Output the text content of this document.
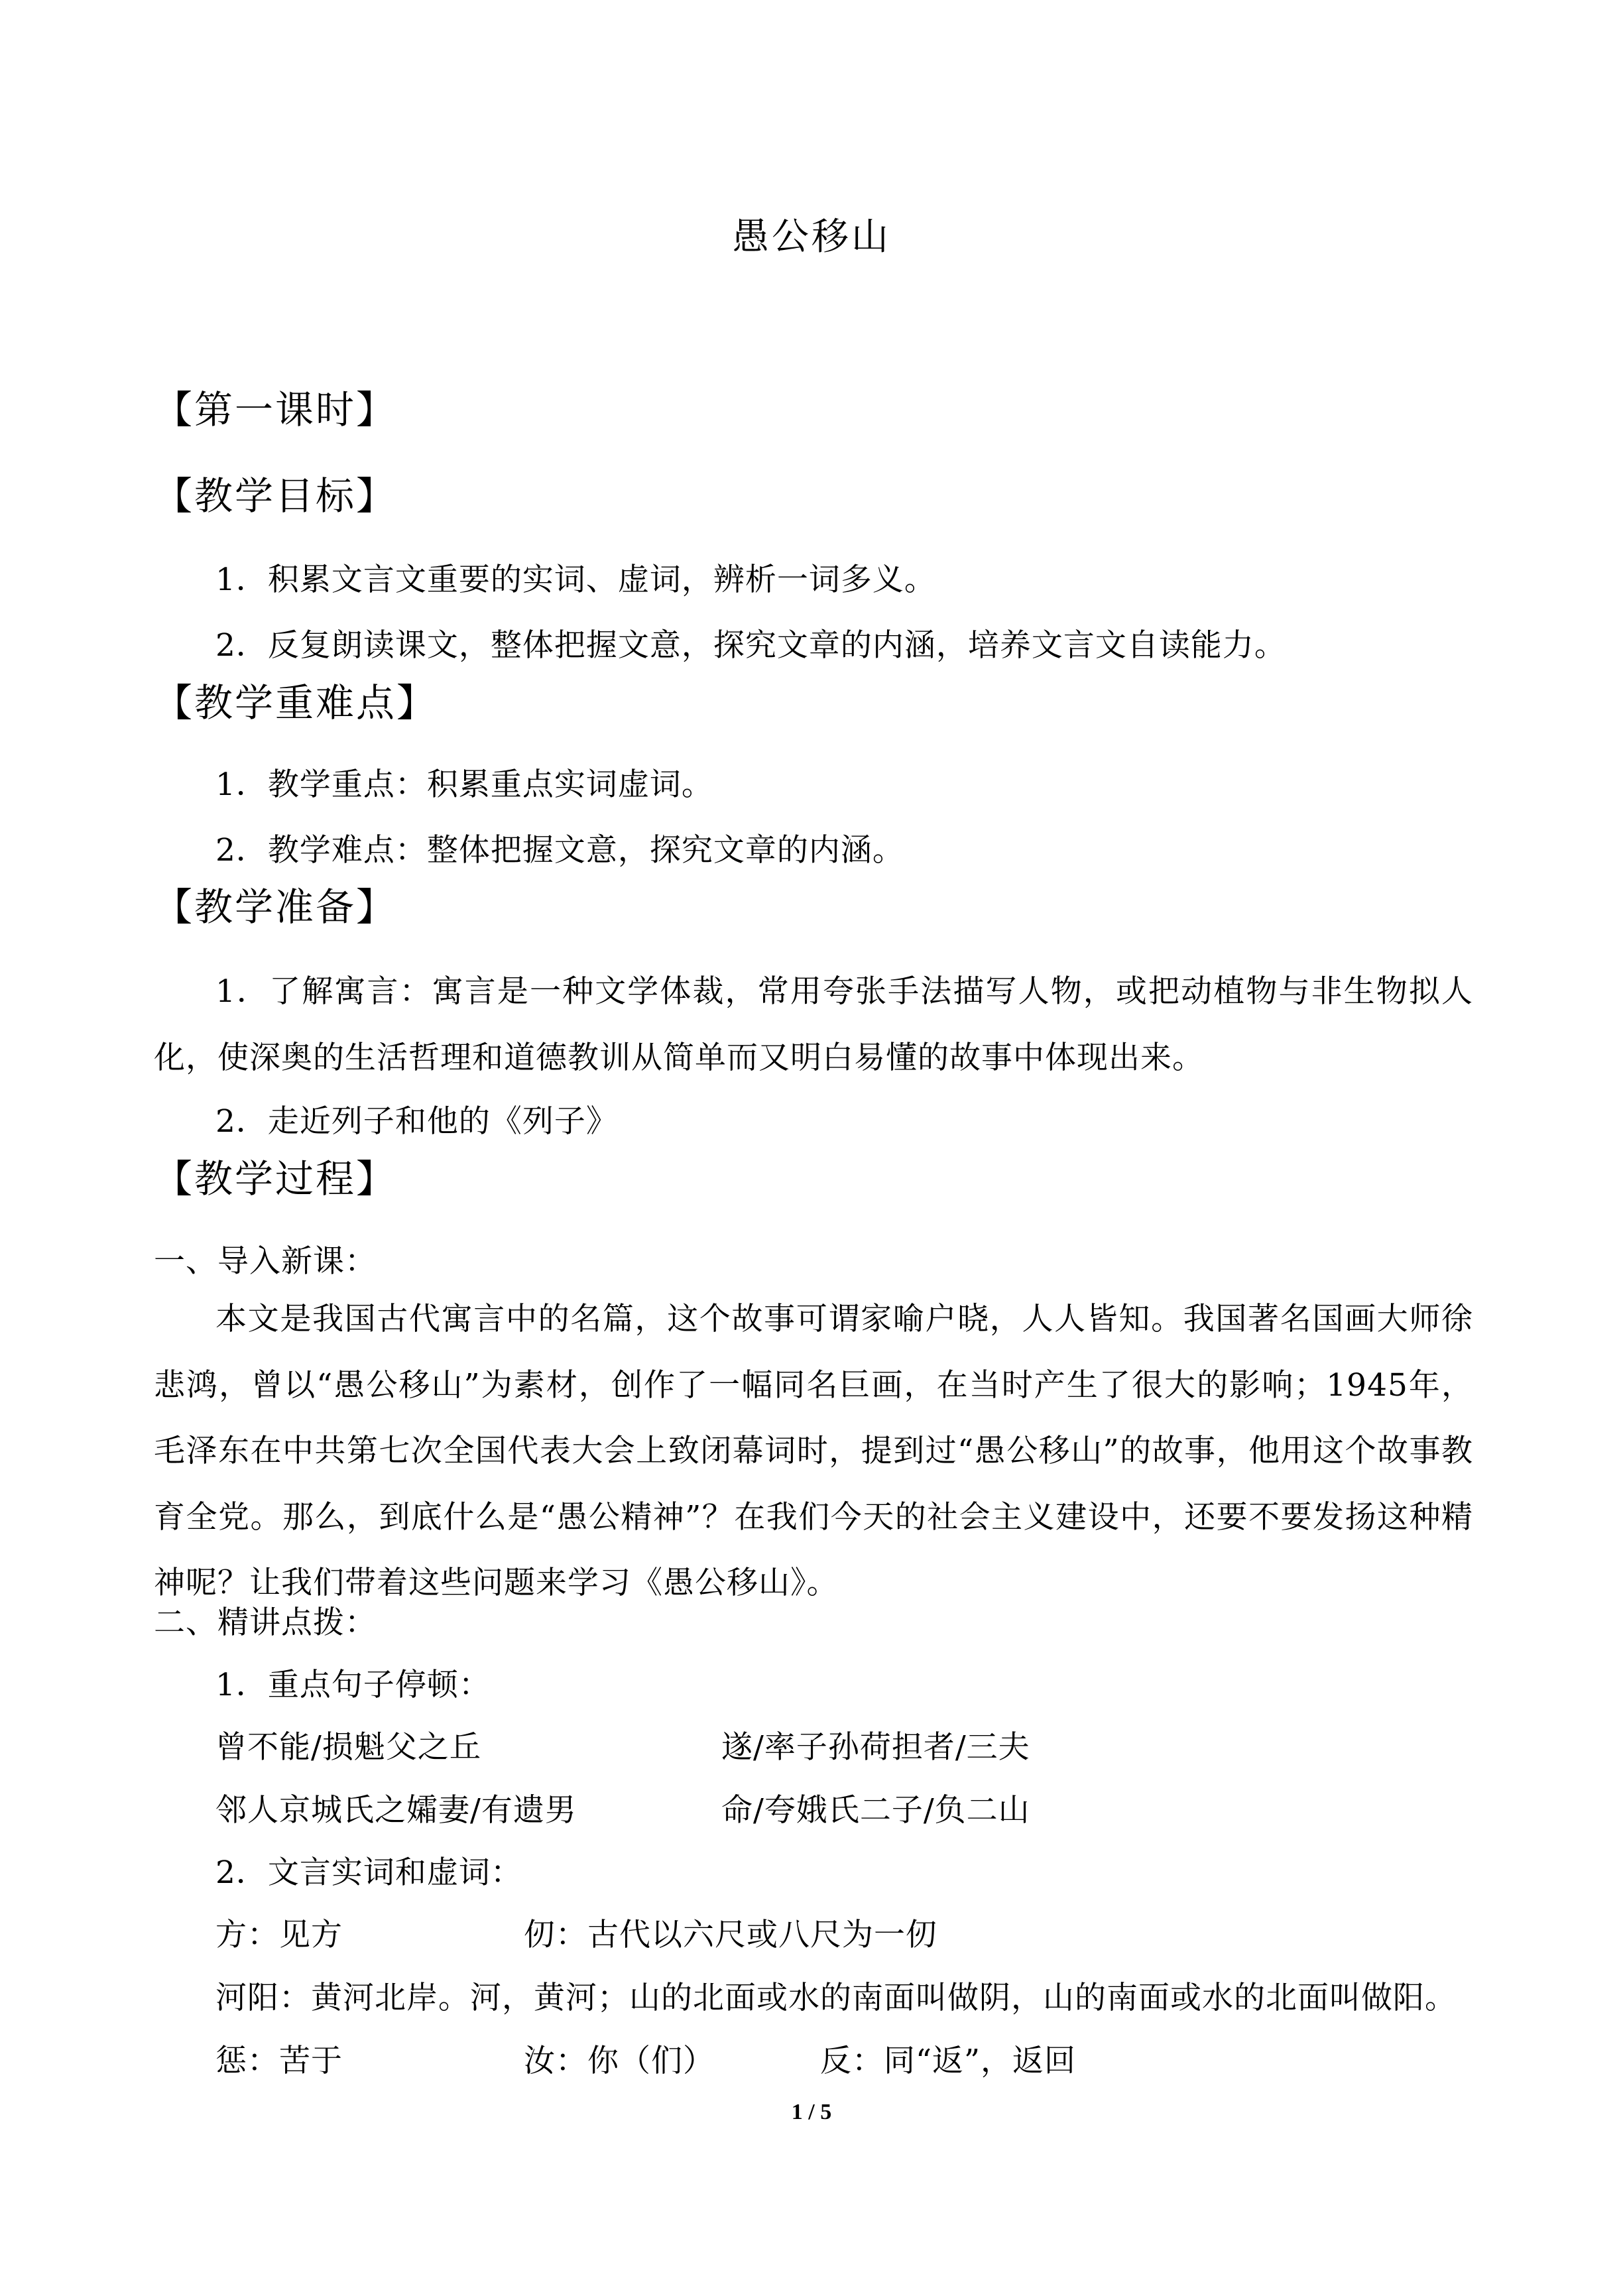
愚公移山
【第一课时】
【教学目标】
1．积累文言文重要的实词、虚词，辨析一词多义。
2．反复朗读课文，整体把握文意，探究文章的内涵，培养文言文自读能力。
【教学重难点】
1．教学重点：积累重点实词虚词。
2．教学难点：整体把握文意，探究文章的内涵。
【教学准备】
1．了解寓言：寓言是一种文学体裁，常用夸张手法描写人物，或把动植物与非生物拟人化，使深奥的生活哲理和道德教训从简单而又明白易懂的故事中体现出来。
2．走近列子和他的《列子》
【教学过程】
一、导入新课：
本文是我国古代寓言中的名篇，这个故事可谓家喻户晓，人人皆知。我国著名国画大师徐悲鸿，曾以“愚公移山”为素材，创作了一幅同名巨画，在当时产生了很大的影响；1945年，毛泽东在中共第七次全国代表大会上致闭幕词时，提到过“愚公移山”的故事，他用这个故事教育全党。那么，到底什么是“愚公精神”？在我们今天的社会主义建设中，还要不要发扬这种精神呢？让我们带着这些问题来学习《愚公移山》。
二、精讲点拨：
1．重点句子停顿：
曾不能/损魁父之丘	遂/率子孙荷担者/三夫
邻人京城氏之孀妻/有遗男	命/夸娥氏二子/负二山
2．文言实词和虚词：
方：见方	仞：古代以六尺或八尺为一仞
河阳：黄河北岸。河，黄河；山的北面或水的南面叫做阴，山的南面或水的北面叫做阳。
惩：苦于	汝：你（们）	反：同“返”，返回
1 / 5
